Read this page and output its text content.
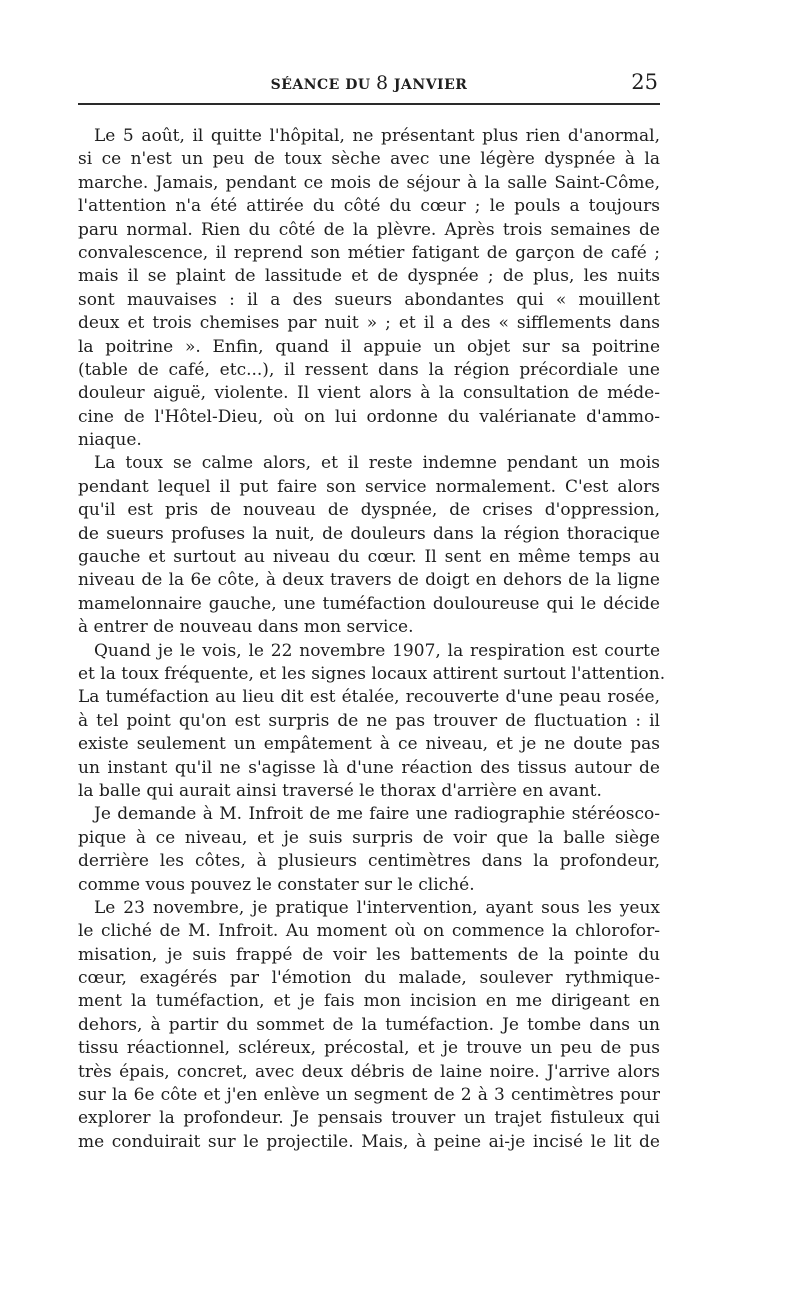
SÉANCE DU 8 JANVIER	25
Le 5 août, il quitte l'hôpital, ne présentant plus rien d'anormal,
si ce n'est un peu de toux sèche avec une légère dyspnée à la
marche. Jamais, pendant ce mois de séjour à la salle Saint-Côme,
l'attention n'a été attirée du côté du cœur ; le pouls a toujours
paru normal. Rien du côté de la plèvre. Après trois semaines de
convalescence, il reprend son métier fatigant de garçon de café ;
mais il se plaint de lassitude et de dyspnée ; de plus, les nuits
sont mauvaises : il a des sueurs abondantes qui « mouillent
deux et trois chemises par nuit » ; et il a des « sifflements dans
la poitrine ». Enfin, quand il appuie un objet sur sa poitrine
(table de café, etc...), il ressent dans la région précordiale une
douleur aiguë, violente. Il vient alors à la consultation de méde-
cine de l'Hôtel-Dieu, où on lui ordonne du valérianate d'ammo-
niaque.
La toux se calme alors, et il reste indemne pendant un mois
pendant lequel il put faire son service normalement. C'est alors
qu'il est pris de nouveau de dyspnée, de crises d'oppression,
de sueurs profuses la nuit, de douleurs dans la région thoracique
gauche et surtout au niveau du cœur. Il sent en même temps au
niveau de la 6e côte, à deux travers de doigt en dehors de la ligne
mamelonnaire gauche, une tuméfaction douloureuse qui le décide
à entrer de nouveau dans mon service.
Quand je le vois, le 22 novembre 1907, la respiration est courte
et la toux fréquente, et les signes locaux attirent surtout l'attention.
La tuméfaction au lieu dit est étalée, recouverte d'une peau rosée,
à tel point qu'on est surpris de ne pas trouver de fluctuation : il
existe seulement un empâtement à ce niveau, et je ne doute pas
un instant qu'il ne s'agisse là d'une réaction des tissus autour de
la balle qui aurait ainsi traversé le thorax d'arrière en avant.
Je demande à M. Infroit de me faire une radiographie stéréosco-
pique à ce niveau, et je suis surpris de voir que la balle siège
derrière les côtes, à plusieurs centimètres dans la profondeur,
comme vous pouvez le constater sur le cliché.
Le 23 novembre, je pratique l'intervention, ayant sous les yeux
le cliché de M. Infroit. Au moment où on commence la chlorofor-
misation, je suis frappé de voir les battements de la pointe du
cœur, exagérés par l'émotion du malade, soulever rythmique-
ment la tuméfaction, et je fais mon incision en me dirigeant en
dehors, à partir du sommet de la tuméfaction. Je tombe dans un
tissu réactionnel, scléreux, précostal, et je trouve un peu de pus
très épais, concret, avec deux débris de laine noire. J'arrive alors
sur la 6e côte et j'en enlève un segment de 2 à 3 centimètres pour
explorer la profondeur. Je pensais trouver un trajet fistuleux qui
me conduirait sur le projectile. Mais, à peine ai-je incisé le lit de
